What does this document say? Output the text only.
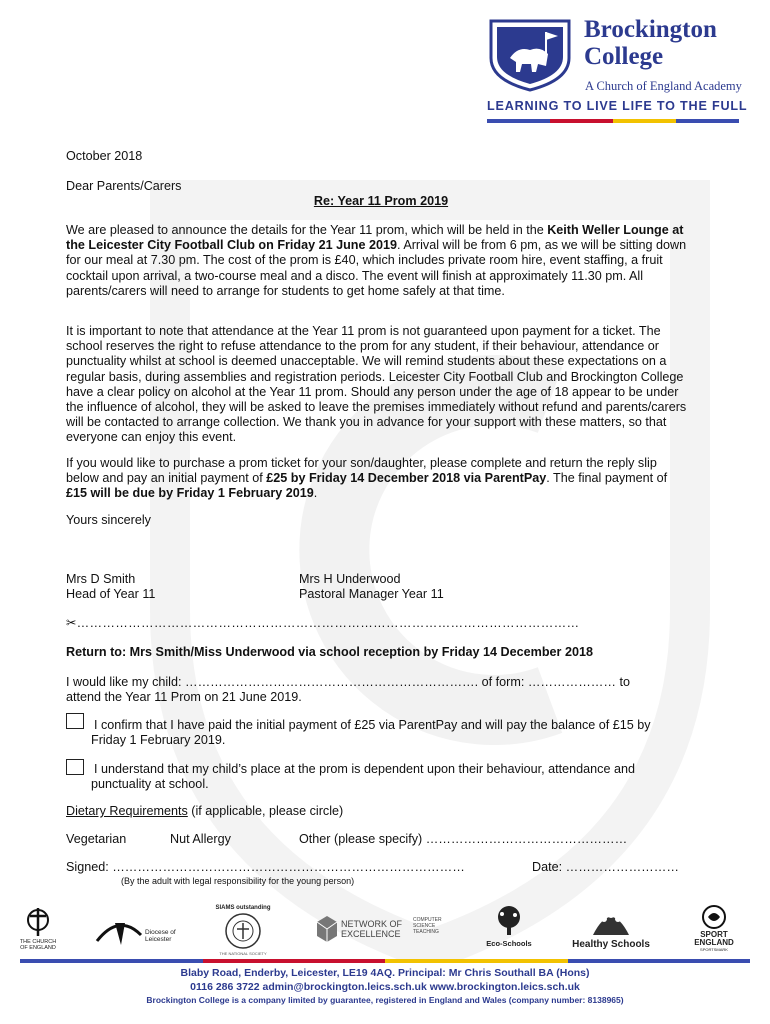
Brockington
College
A Church of England Academy
LEARNING TO LIVE LIFE TO THE FULL
October 2018
Dear Parents/Carers
Re: Year 11 Prom 2019

We are pleased to announce the details for the Year 11 prom, which will be held in the Keith Weller Lounge at the Leicester City Football Club on Friday 21 June 2019. Arrival will be from 6 pm, as we will be sitting down for our meal at 7.30 pm. The cost of the prom is £40, which includes private room hire, event staffing, a fruit cocktail upon arrival, a two-course meal and a disco. The event will finish at approximately 11.30 pm. All parents/carers will need to arrange for students to get home safely at that time.

It is important to note that attendance at the Year 11 prom is not guaranteed upon payment for a ticket. The school reserves the right to refuse attendance to the prom for any student, if their behaviour, attendance or punctuality whilst at school is deemed unacceptable. We will remind students about these expectations on a regular basis, during assemblies and registration periods. Leicester City Football Club and Brockington College have a clear policy on alcohol at the Year 11 prom. Should any person under the age of 18 appear to be under the influence of alcohol, they will be asked to leave the premises immediately without refund and parents/carers will be contacted to arrange collection. We thank you in advance for your support with these matters, so that everyone can enjoy this event.

If you would like to purchase a prom ticket for your son/daughter, please complete and return the reply slip below and pay an initial payment of £25 by Friday 14 December 2018 via ParentPay. The final payment of £15 will be due by Friday 1 February 2019.

Yours sincerely
Mrs D Smith
Head of Year 11
Mrs H Underwood
Pastoral Manager Year 11
✂………………………………………………………………………………………………………
Return to: Mrs Smith/Miss Underwood via school reception by Friday 14 December 2018
I would like my child: ……………………………………………………………. of form: ………………… to
attend the Year 11 Prom on 21 June 2019.
I confirm that I have paid the initial payment of £25 via ParentPay and will pay the balance of £15 by
Friday 1 February 2019.
I understand that my child’s place at the prom is dependent upon their behaviour, attendance and
punctuality at school.
Dietary Requirements (if applicable, please circle)
Vegetarian	Nut Allergy	Other (please specify) …………………………………………
Signed: …………………………………………………………………………	Date: ………………………
(By the adult with legal responsibility for the young person)
THE CHURCH
OF ENGLAND
Diocese of
Leicester
SIAMS outstanding
THE NATIONAL SOCIETY
NETWORK OF
EXCELLENCE
COMPUTER
SCIENCE
TEACHING
Eco-Schools	Healthy Schools
SPORT
ENGLAND
SPORTSMARK
Blaby Road, Enderby, Leicester, LE19 4AQ. Principal: Mr Chris Southall BA (Hons)
0116 286 3722 admin@brockington.leics.sch.uk www.brockington.leics.sch.uk
Brockington College is a company limited by guarantee, registered in England and Wales (company number: 8138965)
